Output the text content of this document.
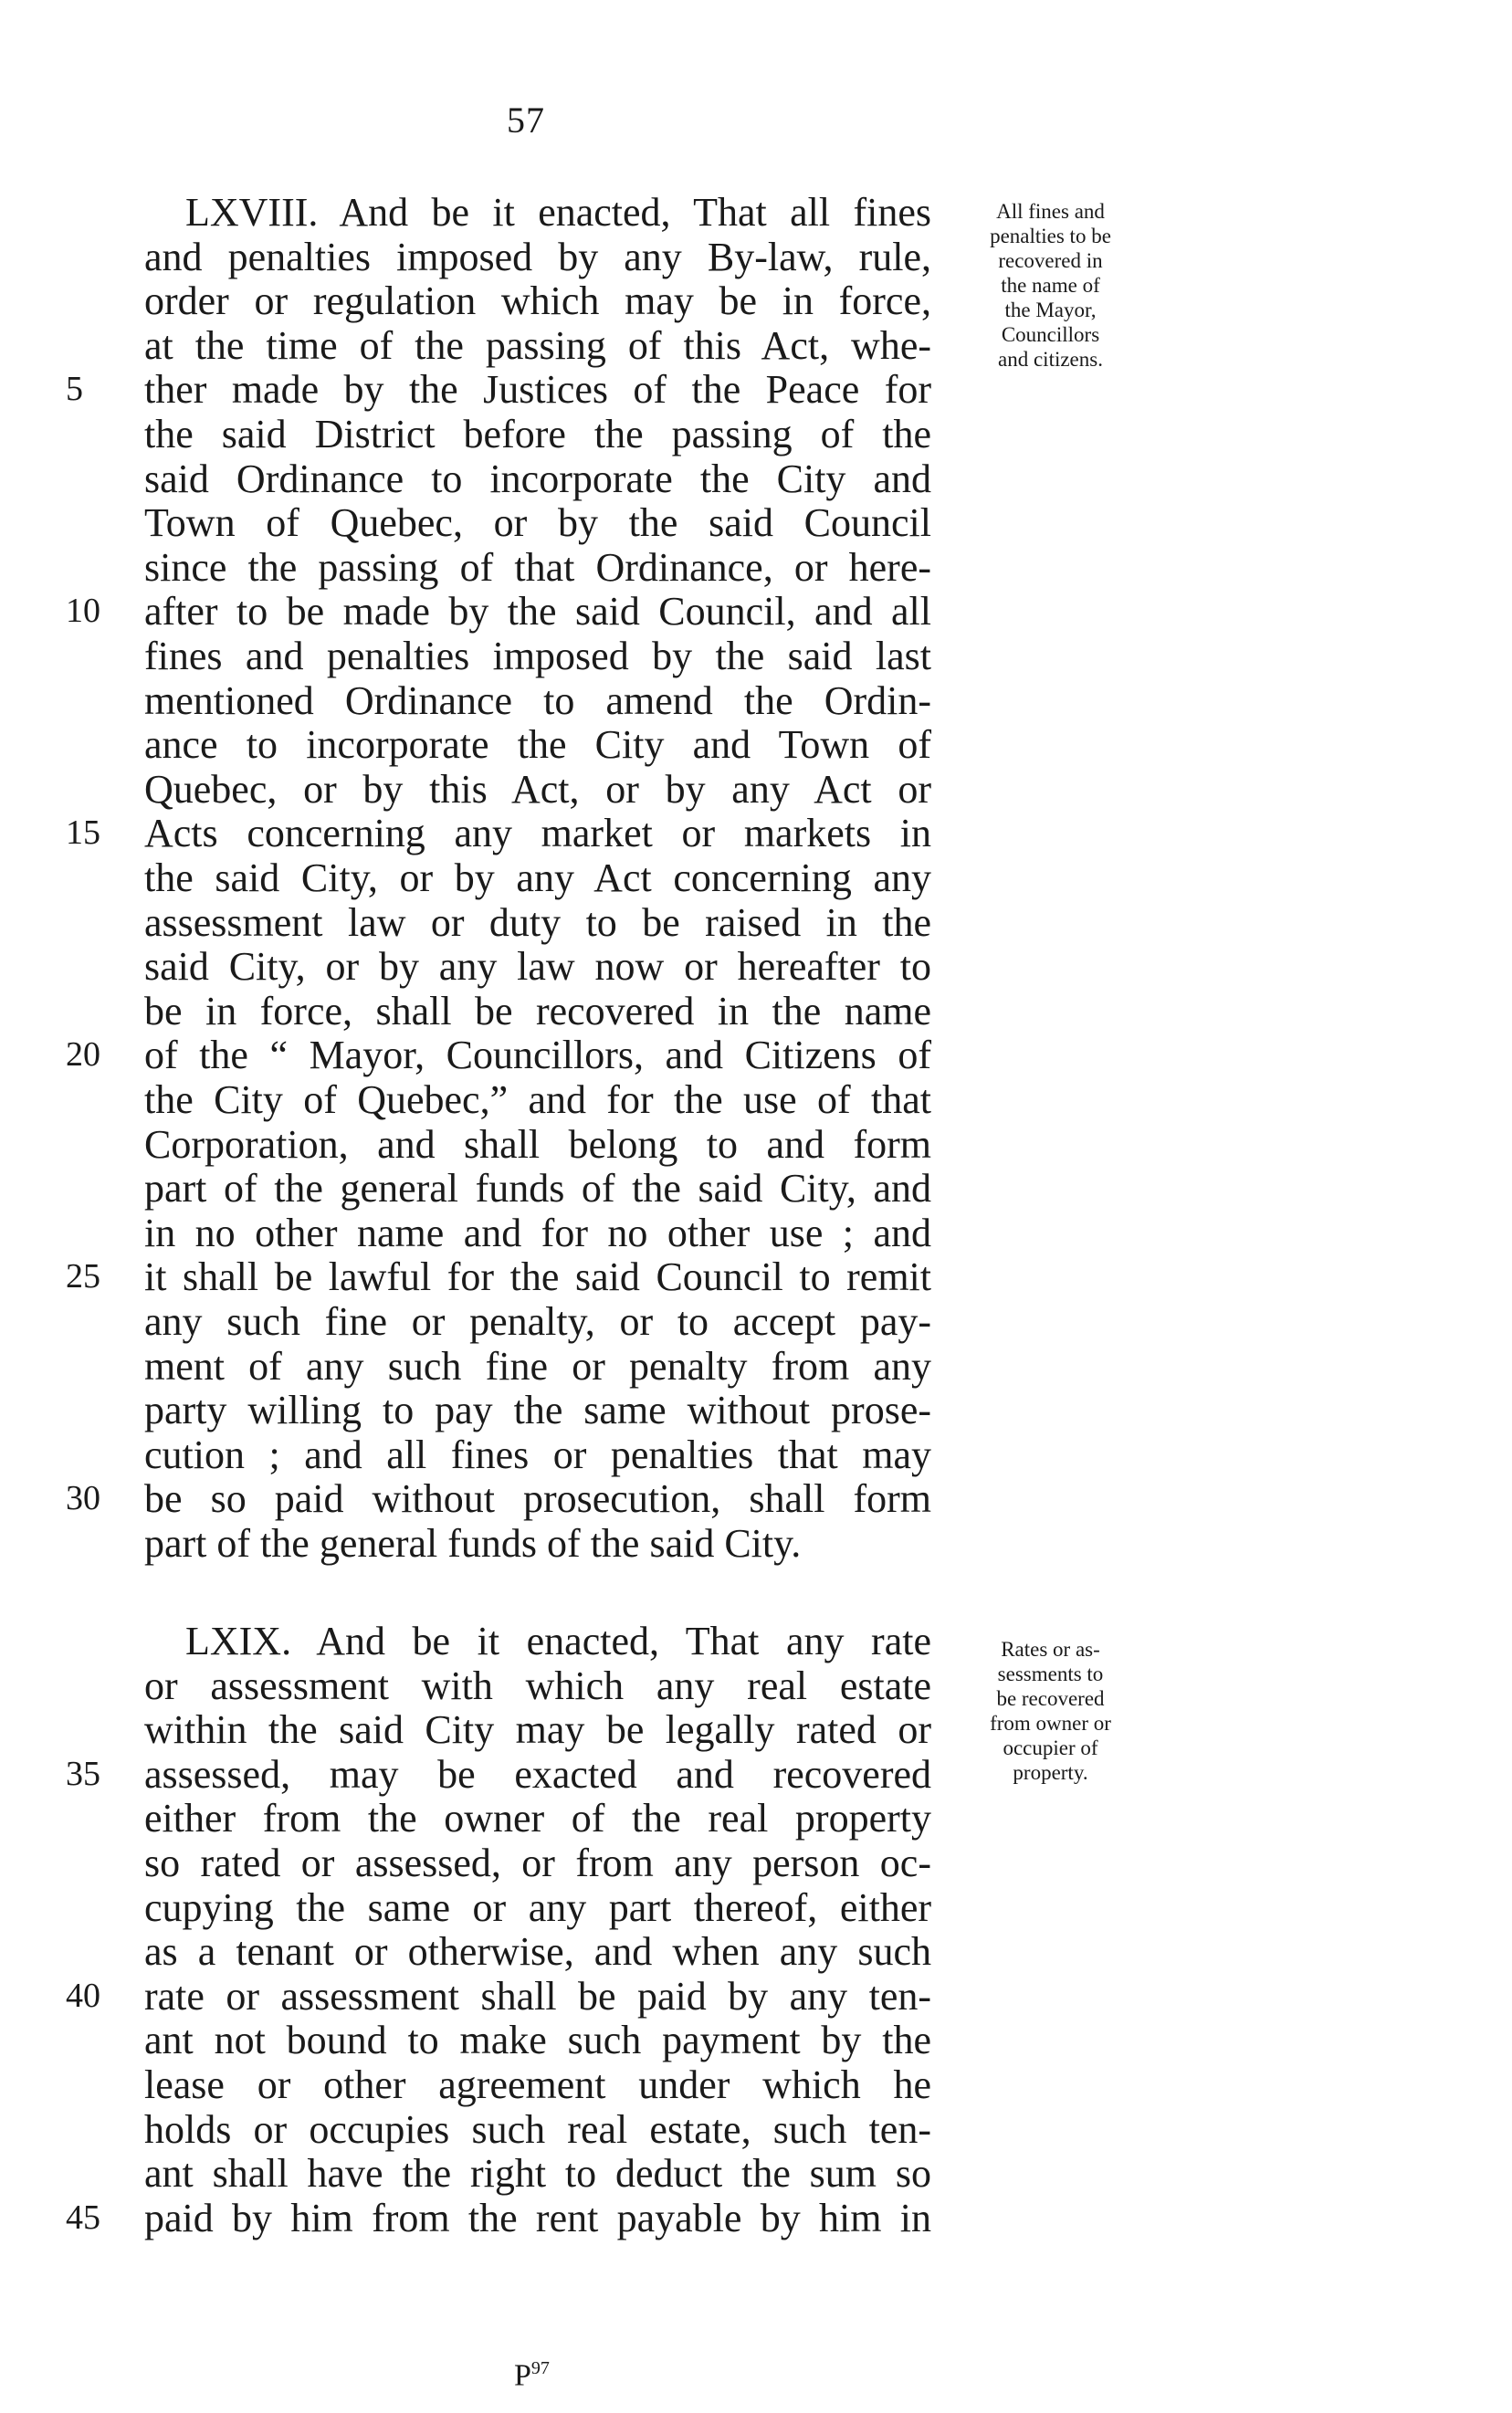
57
All fines and
penalties to be
recovered in
the name of
the Mayor,
Councillors
and citizens.
LXVIII. And be it enacted, That all fines
and penalties imposed by any By-law, rule,
order or regulation which may be in force,
at the time of the passing of this Act, whe-
ther made by the Justices of the Peace for
5
the said District before the passing of the
said Ordinance to incorporate the City and
Town of Quebec, or by the said Council
since the passing of that Ordinance, or here-
after to be made by the said Council, and all
10
fines and penalties imposed by the said last
mentioned Ordinance to amend the Ordin-
ance to incorporate the City and Town of
Quebec, or by this Act, or by any Act or
Acts concerning any market or markets in
15
the said City, or by any Act concerning any
assessment law or duty to be raised in the
said City, or by any law now or hereafter to
be in force, shall be recovered in the name
of the “ Mayor, Councillors, and Citizens of
20
the City of Quebec,” and for the use of that
Corporation, and shall belong to and form
part of the general funds of the said City, and
in no other name and for no other use ; and
it shall be lawful for the said Council to remit
25
any such fine or penalty, or to accept pay-
ment of any such fine or penalty from any
party willing to pay the same without prose-
cution ; and all fines or penalties that may
be so paid without prosecution, shall form
30
part of the general funds of the said City.
Rates or as-
sessments to
be recovered
from owner or
occupier of
property.
LXIX. And be it enacted, That any rate
or assessment with which any real estate
within the said City may be legally rated or
assessed, may be exacted and recovered
35
either from the owner of the real property
so rated or assessed, or from any person oc-
cupying the same or any part thereof, either
as a tenant or otherwise, and when any such
rate or assessment shall be paid by any ten-
40
ant not bound to make such payment by the
lease or other agreement under which he
holds or occupies such real estate, such ten-
ant shall have the right to deduct the sum so
paid by him from the rent payable by him in
45
$P^{97}$
